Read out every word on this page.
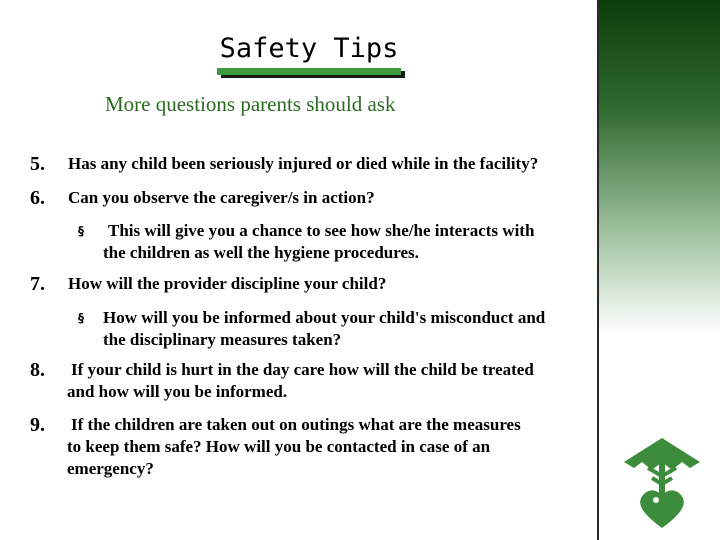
Safety Tips
More questions parents should ask
5. Has any child been seriously injured or died while in the facility?
6. Can you observe the caregiver/s in action?
§ This will give you a chance to see how she/he interacts with
the children as well the hygiene procedures.
7. How will the provider discipline your child?
§ How will you be informed about your child's misconduct and
the disciplinary measures taken?
8. If your child is hurt in the day care how will the child be treated
and how will you be informed.
9. If the children are taken out on outings what are the measures
to keep them safe? How will you be contacted in case of an
emergency?
